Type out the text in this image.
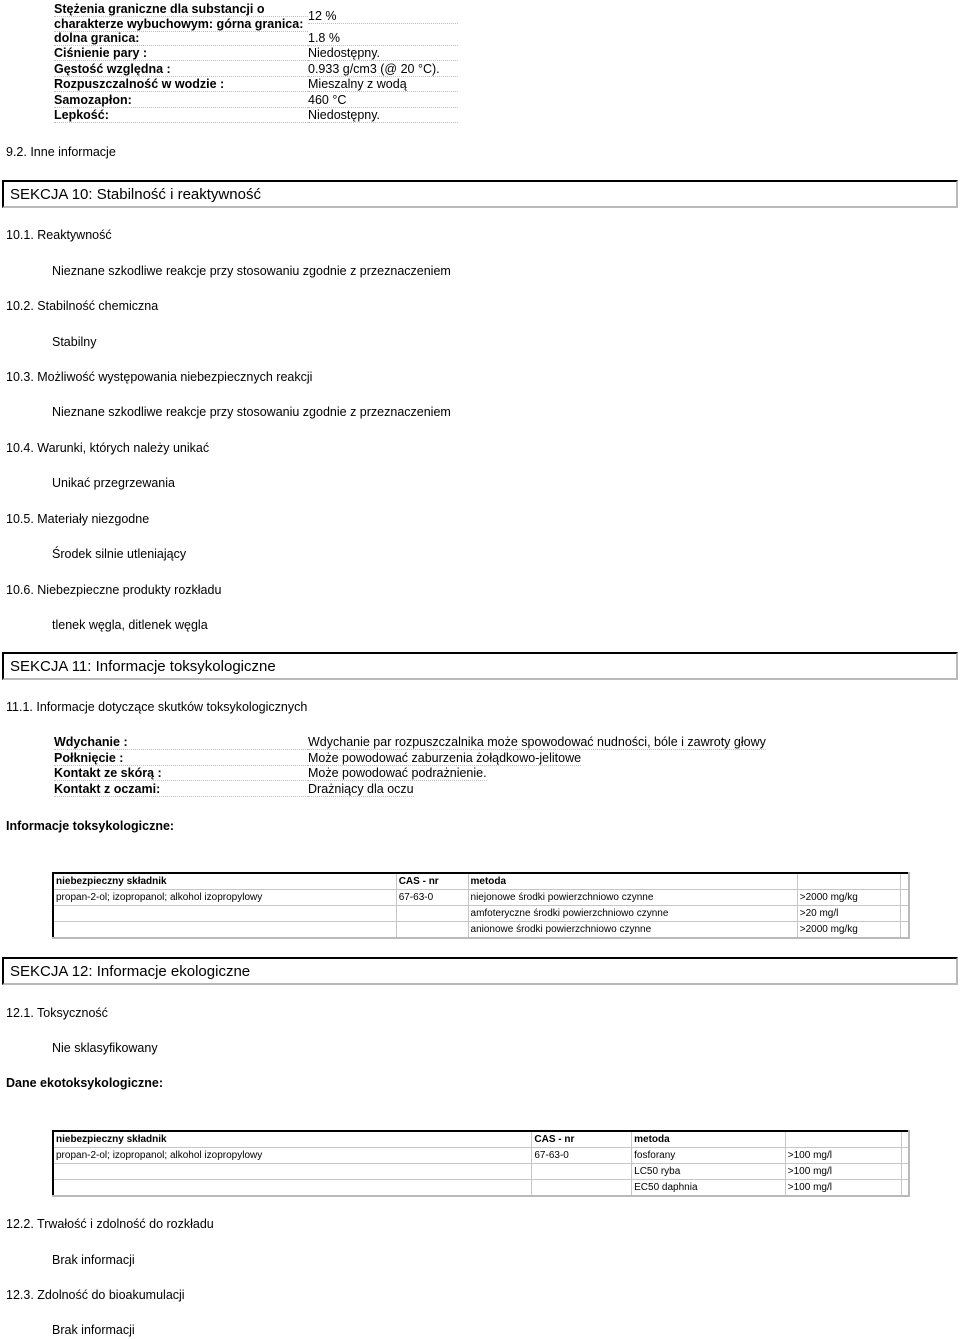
Stężenia graniczne dla substancji o
charakterze wybuchowym: górna granica:
12 %
dolna granica:	1.8 %
Ciśnienie pary :	Niedostępny.
Gęstość względna :	0.933 g/cm3 (@ 20 °C).
Rozpuszczalność w wodzie :	Mieszalny z wodą
Samozapłon:	460 °C
Lepkość:	Niedostępny.
9.2. Inne informacje
SEKCJA 10: Stabilność i reaktywność
10.1. Reaktywność
Nieznane szkodliwe reakcje przy stosowaniu zgodnie z przeznaczeniem
10.2. Stabilność chemiczna
Stabilny
10.3. Możliwość występowania niebezpiecznych reakcji
Nieznane szkodliwe reakcje przy stosowaniu zgodnie z przeznaczeniem
10.4. Warunki, których należy unikać
Unikać przegrzewania
10.5. Materiały niezgodne
Środek silnie utleniający
10.6. Niebezpieczne produkty rozkładu
tlenek węgla, ditlenek węgla
SEKCJA 11: Informacje toksykologiczne
11.1. Informacje dotyczące skutków toksykologicznych
Wdychanie :	Wdychanie par rozpuszczalnika może spowodować nudności, bóle i zawroty głowy
Połknięcie :	Może powodować zaburzenia żołądkowo-jelitowe
Kontakt ze skórą :	Może powodować podrażnienie.
Kontakt z oczami:	Drażniący dla oczu
Informacje toksykologiczne:
niebezpieczny składnik	CAS - nr	metoda		
propan-2-ol; izopropanol; alkohol izopropylowy	67-63-0	niejonowe środki powierzchniowo czynne	>2000 mg/kg	
		amfoteryczne środki powierzchniowo czynne	>20 mg/l	
		anionowe środki powierzchniowo czynne	>2000 mg/kg	
SEKCJA 12: Informacje ekologiczne
12.1. Toksyczność
Nie sklasyfikowany
Dane ekotoksykologiczne:
niebezpieczny składnik	CAS - nr	metoda		
propan-2-ol; izopropanol; alkohol izopropylowy	67-63-0	fosforany	>100 mg/l	
		LC50 ryba	>100 mg/l	
		EC50 daphnia	>100 mg/l	
12.2. Trwałość i zdolność do rozkładu
Brak informacji
12.3. Zdolność do bioakumulacji
Brak informacji
